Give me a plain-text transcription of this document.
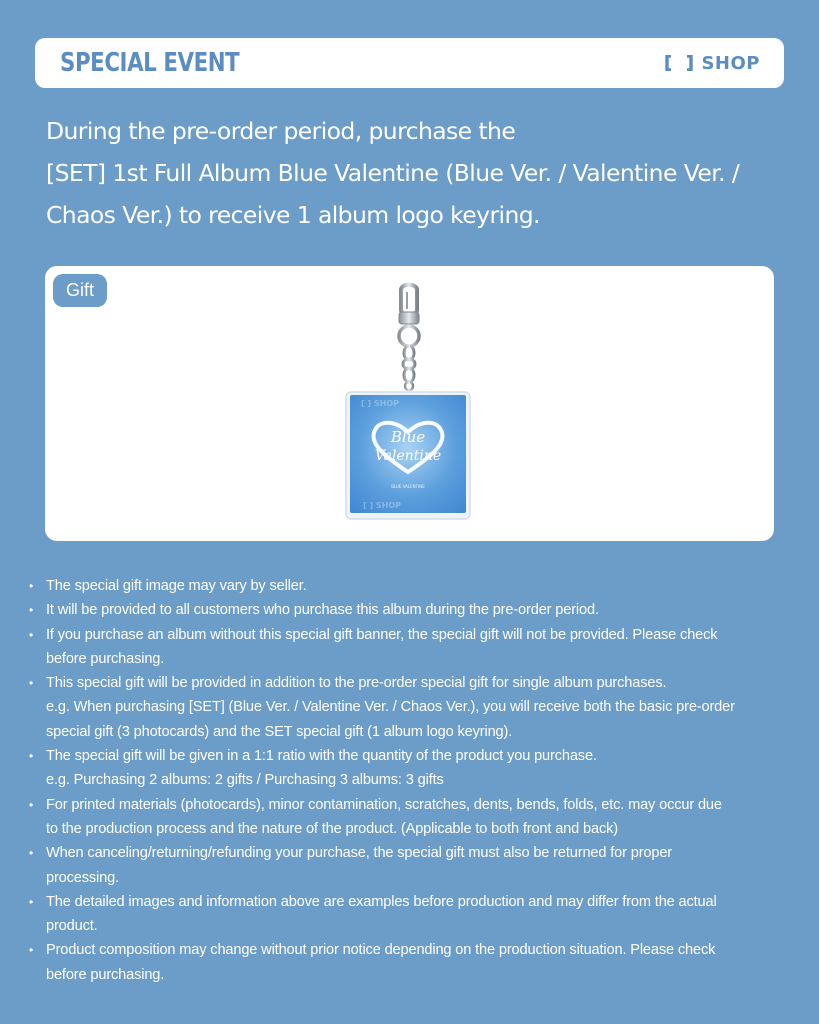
SPECIAL EVENT	SHOP
During the pre-order period, purchase the
[SET] 1st Full Album Blue Valentine (Blue Ver. / Valentine Ver. /
Chaos Ver.) to receive 1 album logo keyring.
Gift
Blue
Valentine
BLUE VALENTINE
[ ] SHOP
[ ] SHOP
• The special gift image may vary by seller.
• It will be provided to all customers who purchase this album during the pre-order period.
• If you purchase an album without this special gift banner, the special gift will not be provided. Please check
before purchasing.
• This special gift will be provided in addition to the pre-order special gift for single album purchases.
e.g. When purchasing [SET] (Blue Ver. / Valentine Ver. / Chaos Ver.), you will receive both the basic pre-order
special gift (3 photocards) and the SET special gift (1 album logo keyring).
• The special gift will be given in a 1:1 ratio with the quantity of the product you purchase.
e.g. Purchasing 2 albums: 2 gifts / Purchasing 3 albums: 3 gifts
• For printed materials (photocards), minor contamination, scratches, dents, bends, folds, etc. may occur due
to the production process and the nature of the product. (Applicable to both front and back)
• When canceling/returning/refunding your purchase, the special gift must also be returned for proper
processing.
• The detailed images and information above are examples before production and may differ from the actual
product.
• Product composition may change without prior notice depending on the production situation. Please check
before purchasing.
